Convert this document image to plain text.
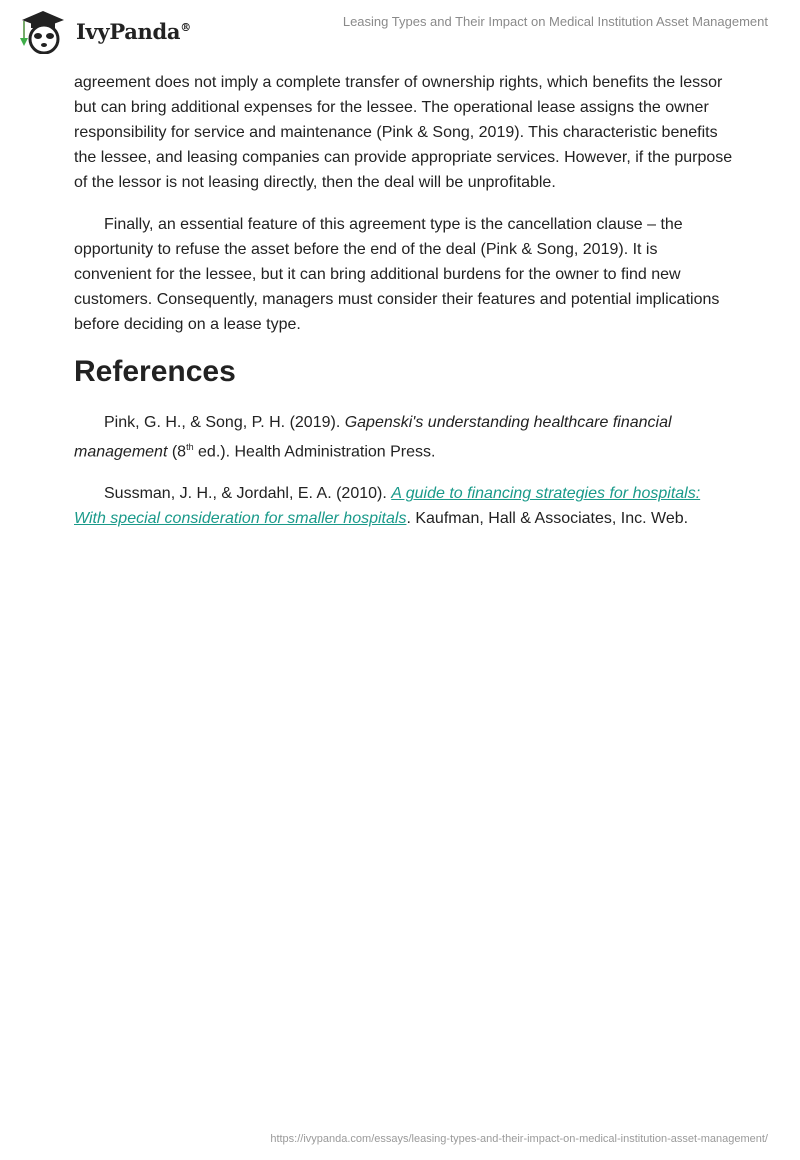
IvyPanda®	Leasing Types and Their Impact on Medical Institution Asset Management

agreement does not imply a complete transfer of ownership rights, which benefits the lessor but can bring additional expenses for the lessee. The operational lease assigns the owner responsibility for service and maintenance (Pink & Song, 2019). This characteristic benefits the lessee, and leasing companies can provide appropriate services. However, if the purpose of the lessor is not leasing directly, then the deal will be unprofitable.

Finally, an essential feature of this agreement type is the cancellation clause – the opportunity to refuse the asset before the end of the deal (Pink & Song, 2019). It is convenient for the lessee, but it can bring additional burdens for the owner to find new customers. Consequently, managers must consider their features and potential implications before deciding on a lease type.

References

Pink, G. H., & Song, P. H. (2019). Gapenski's understanding healthcare financial management (8th ed.). Health Administration Press.

Sussman, J. H., & Jordahl, E. A. (2010). A guide to financing strategies for hospitals: With special consideration for smaller hospitals. Kaufman, Hall & Associates, Inc. Web.

https://ivypanda.com/essays/leasing-types-and-their-impact-on-medical-institution-asset-management/
